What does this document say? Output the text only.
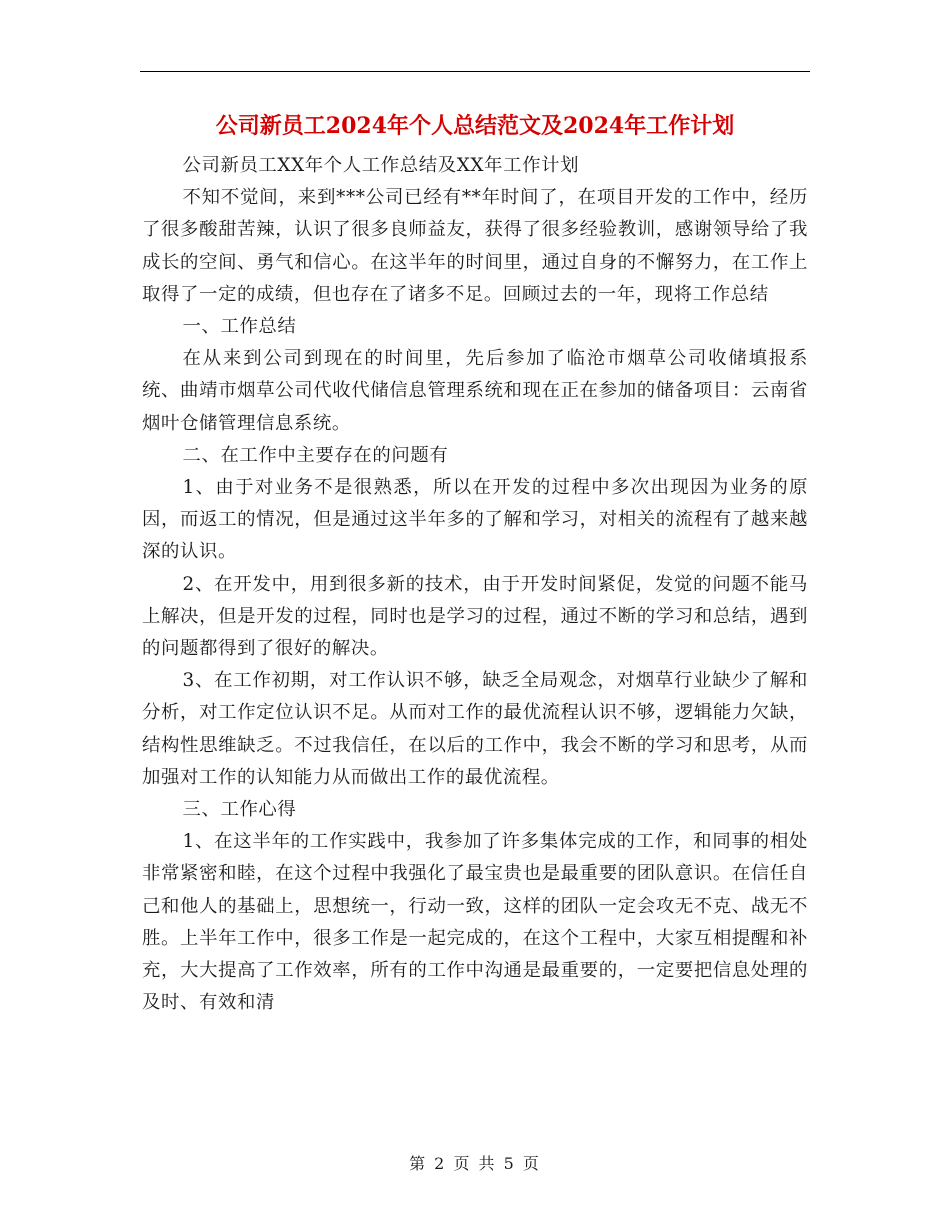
公司新员工2024年个人总结范文及2024年工作计划

公司新员工XX年个人工作总结及XX年工作计划

不知不觉间，来到***公司已经有**年时间了，在项目开发的工作中，经历了很多酸甜苦辣，认识了很多良师益友，获得了很多经验教训，感谢领导给了我成长的空间、勇气和信心。在这半年的时间里，通过自身的不懈努力，在工作上取得了一定的成绩，但也存在了诸多不足。回顾过去的一年，现将工作总结

一、工作总结

在从来到公司到现在的时间里，先后参加了临沧市烟草公司收储填报系统、曲靖市烟草公司代收代储信息管理系统和现在正在参加的储备项目：云南省烟叶仓储管理信息系统。

二、在工作中主要存在的问题有

1、由于对业务不是很熟悉，所以在开发的过程中多次出现因为业务的原因，而返工的情况，但是通过这半年多的了解和学习，对相关的流程有了越来越深的认识。

2、在开发中，用到很多新的技术，由于开发时间紧促，发觉的问题不能马上解决，但是开发的过程，同时也是学习的过程，通过不断的学习和总结，遇到的问题都得到了很好的解决。

3、在工作初期，对工作认识不够，缺乏全局观念，对烟草行业缺少了解和分析，对工作定位认识不足。从而对工作的最优流程认识不够，逻辑能力欠缺，结构性思维缺乏。不过我信任，在以后的工作中，我会不断的学习和思考，从而加强对工作的认知能力从而做出工作的最优流程。

三、工作心得

1、在这半年的工作实践中，我参加了许多集体完成的工作，和同事的相处非常紧密和睦，在这个过程中我强化了最宝贵也是最重要的团队意识。在信任自己和他人的基础上，思想统一，行动一致，这样的团队一定会攻无不克、战无不胜。上半年工作中，很多工作是一起完成的，在这个工程中，大家互相提醒和补充，大大提高了工作效率，所有的工作中沟通是最重要的，一定要把信息处理的及时、有效和清

第 2 页 共 5 页
